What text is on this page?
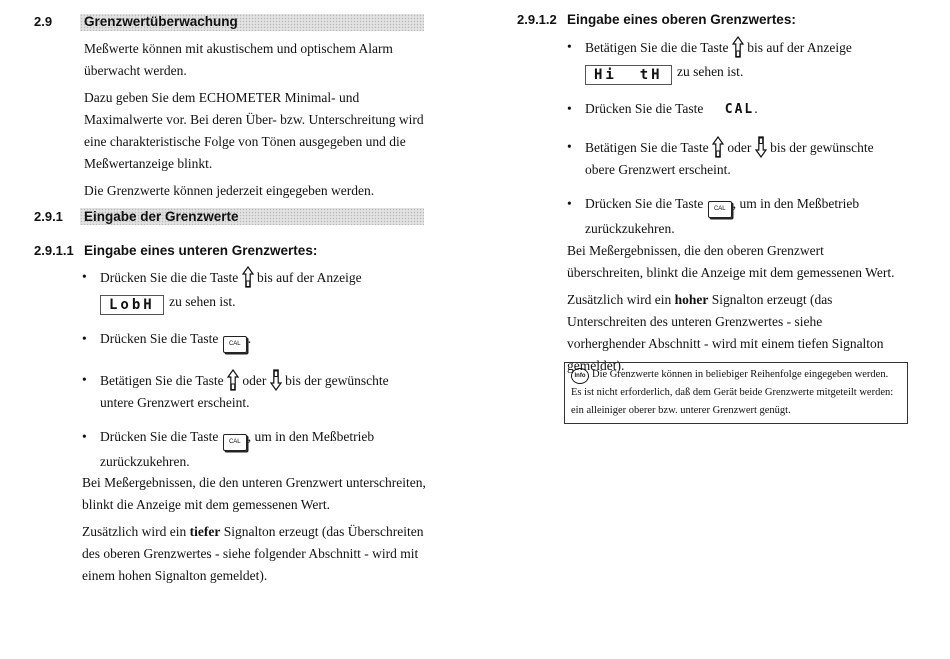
2.9 Grenzwertüberwachung

Meßwerte können mit akustischem und optischem Alarm überwacht werden.

Dazu geben Sie dem ECHOMETER Minimal- und Maximalwerte vor. Bei deren Über- bzw. Unterschreitung wird eine charakteristische Folge von Tönen ausgegeben und die Meßwertanzeige blinkt.

Die Grenzwerte können jederzeit eingegeben werden.

2.9.1 Eingabe der Grenzwerte
2.9.1.1 Eingabe eines unteren Grenzwertes:
• Drücken Sie die die Taste bis auf der Anzeige
LobH zu sehen ist.
• Drücken Sie die Taste CAL .
• Betätigen Sie die Taste oder bis der gewünschte untere Grenzwert erscheint.
• Drücken Sie die Taste CAL , um in den Meßbetrieb zurückzukehren.

Bei Meßergebnissen, die den unteren Grenzwert unterschreiten, blinkt die Anzeige mit dem gemessenen Wert.

Zusätzlich wird ein tiefer Signalton erzeugt (das Überschreiten des oberen Grenzwertes - siehe folgender Abschnitt - wird mit einem hohen Signalton gemeldet).

2.9.1.2 Eingabe eines oberen Grenzwertes:
• Betätigen Sie die die Taste bis auf der Anzeige
Hi  tH zu sehen ist.
• Drücken Sie die Taste CAL.
• Betätigen Sie die Taste oder bis der gewünschte obere Grenzwert erscheint.
• Drücken Sie die Taste CAL , um in den Meßbetrieb zurückzukehren.

Bei Meßergebnissen, die den oberen Grenzwert überschreiten, blinkt die Anzeige mit dem gemessenen Wert.

Zusätzlich wird ein hoher Signalton erzeugt (das Unterschreiten des unteren Grenzwertes - siehe vorherghender Abschnitt - wird mit einem tiefen Signalton gemeldet).

Info Die Grenzwerte können in beliebiger Reihenfolge eingegeben werden. Es ist nicht erforderlich, daß dem Gerät beide Grenzwerte mitgeteilt werden: ein alleiniger oberer bzw. unterer Grenzwert genügt.
